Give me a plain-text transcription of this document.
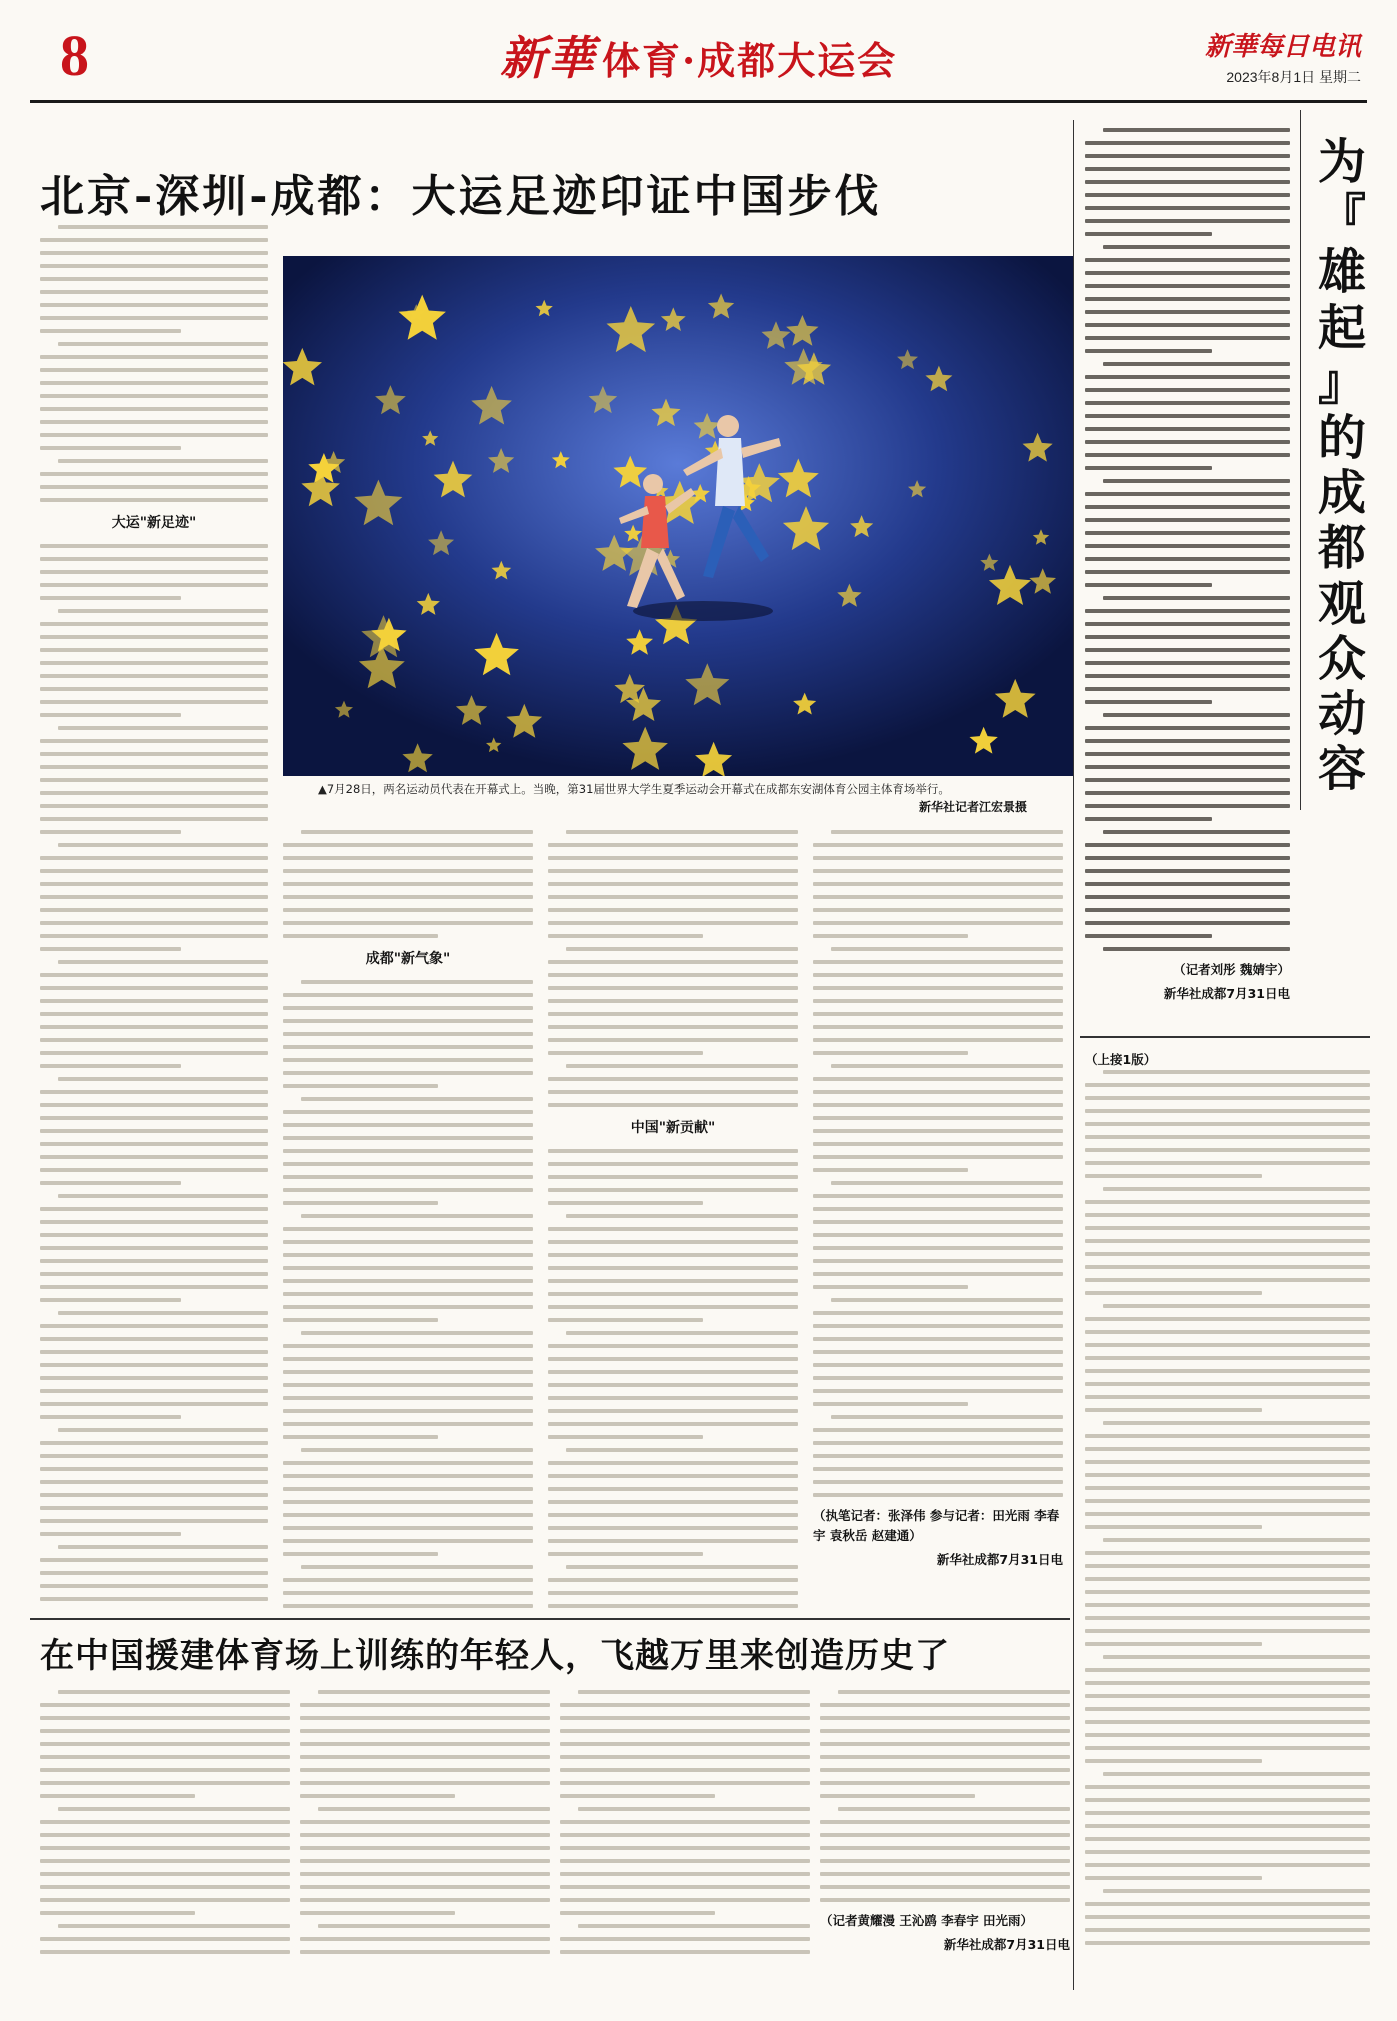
8	新華 体育·成都大运会	新華每日电讯
2023年8月1日 星期二
北京-深圳-成都：大运足迹印证中国步伐
为
『
雄
起
』
的
成
都
观
众
动
容
大运"新足迹"
▲7月28日，两名运动员代表在开幕式上。当晚，第31届世界大学生夏季运动会开幕式在成都东安湖体育公园主体育场举行。
新华社记者江宏景摄
成都"新气象"
中国"新贡献"
（执笔记者：张泽伟 参与记者：田光雨 李春宇 袁秋岳 赵建通）
新华社成都7月31日电
（记者刘彤 魏婧宇）
新华社成都7月31日电
（上接1版）
在中国援建体育场上训练的年轻人，飞越万里来创造历史了
（记者黄耀漫 王沁鸥 李春宇 田光雨）
新华社成都7月31日电
